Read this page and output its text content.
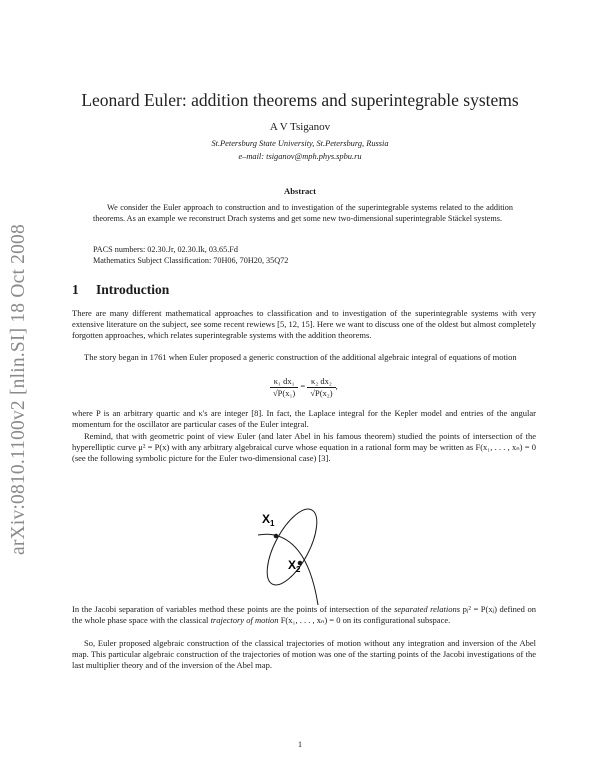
arXiv:0810.1100v2 [nlin.SI] 18 Oct 2008
Leonard Euler: addition theorems and superintegrable systems
A V Tsiganov
St.Petersburg State University, St.Petersburg, Russia
e–mail: tsiganov@mph.phys.spbu.ru
Abstract
We consider the Euler approach to construction and to investigation of the superintegrable systems related to the addition theorems. As an example we reconstruct Drach systems and get some new two-dimensional superintegrable Stäckel systems.
PACS numbers: 02.30.Jr, 02.30.Ik, 03.65.Fd
Mathematics Subject Classification: 70H06, 70H20, 35Q72
1 Introduction
There are many different mathematical approaches to classification and to investigation of the superintegrable systems with very extensive literature on the subject, see some recent rewiews [5, 12, 15]. Here we want to discuss one of the oldest but almost completely forgotten approaches, which relates superintegrable systems with the addition theorems.
The story began in 1761 when Euler proposed a generic construction of the additional algebraic integral of equations of motion
$\frac{\text{κ₁ dx₁}}{\text{√P(x₁)}} = \frac{\text{κ₂ dx₂}}{\text{√P(x₂)}}$ ,
where P is an arbitrary quartic and κ's are integer [8]. In fact, the Laplace integral for the Kepler model and entries of the angular momentum for the oscillator are particular cases of the Euler integral.
Remind, that with geometric point of view Euler (and later Abel in his famous theorem) studied the points of intersection of the hyperelliptic curve μ² = P(x) with any arbitrary algebraical curve whose equation in a rational form may be written as F(x₁, . . . , xₙ) = 0 (see the following symbolic picture for the Euler two-dimensional case) [3].
$X_1$
$X_2$
In the Jacobi separation of variables method these points are the points of intersection of the separated relations pⱼ² = P(xⱼ) defined on the whole phase space with the classical trajectory of motion F(x₁, . . . , xₙ) = 0 on its configurational subspace.
So, Euler proposed algebraic construction of the classical trajectories of motion without any integration and inversion of the Abel map. This particular algebraic construction of the trajectories of motion was one of the starting points of the Jacobi investigations of the last multiplier theory and of the inversion of the Abel map.
1
